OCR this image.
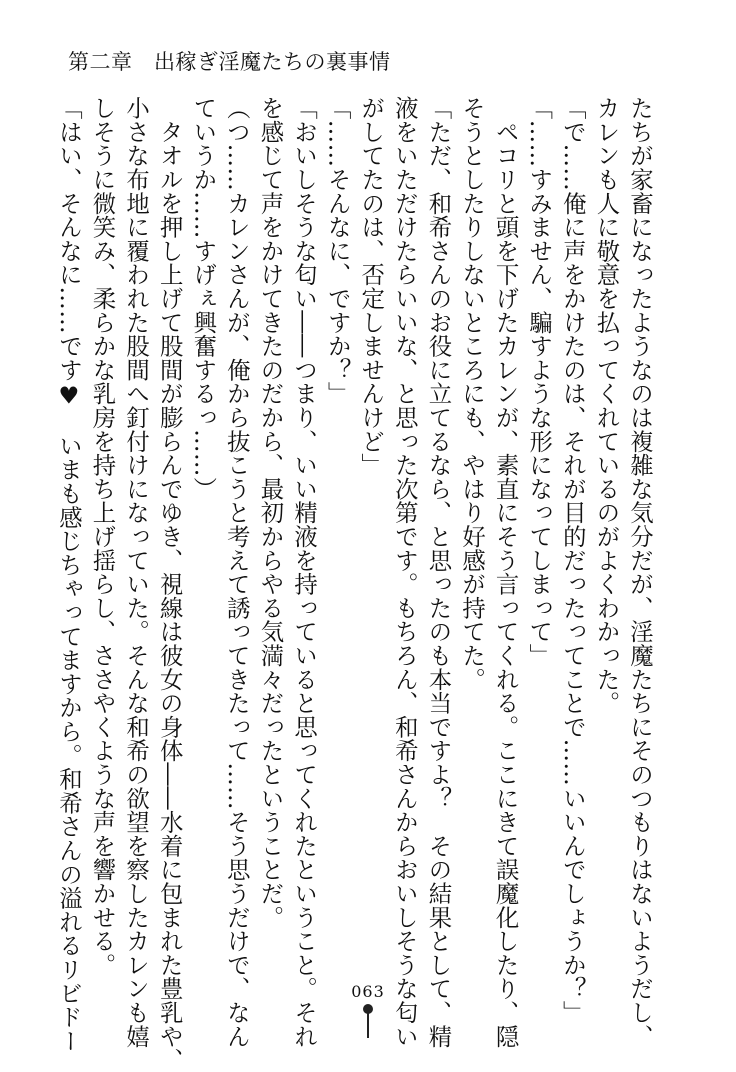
第二章　出稼ぎ淫魔たちの裏事情
たちが家畜になったようなのは複雑な気分だが、淫魔たちにそのつもりはないようだし、
カレンも人に敬意を払ってくれているのがよくわかった。
「で……俺に声をかけたのは、それが目的だったってことで……いいんでしょうか？」
「……すみません、騙すような形になってしまって」
　ペコリと頭を下げたカレンが、素直にそう言ってくれる。ここにきて誤魔化したり、隠
そうとしたりしないところにも、やはり好感が持てた。
「ただ、和希さんのお役に立てるなら、と思ったのも本当ですよ？　その結果として、精
液をいただけたらいいな、と思った次第です。もちろん、和希さんからおいしそうな匂い
がしてたのは、否定しませんけど」
「……そんなに、ですか？」
「おいしそうな匂い――つまり、いい精液を持っていると思ってくれたということ。それ
を感じて声をかけてきたのだから、最初からやる気満々だったということだ。
（つ……カレンさんが、俺から抜こうと考えて誘ってきたって……そう思うだけで、なん
ていうか……すげぇ興奮するっ……）
　タオルを押し上げて股間が膨らんでゆき、視線は彼女の身体――水着に包まれた豊乳や、
小さな布地に覆われた股間へ釘付けになっていた。そんな和希の欲望を察したカレンも嬉
しそうに微笑み、柔らかな乳房を持ち上げ揺らし、ささやくような声を響かせる。
「はい、そんなに……です♥　いまも感じちゃってますから。和希さんの溢れるリビドー	063
